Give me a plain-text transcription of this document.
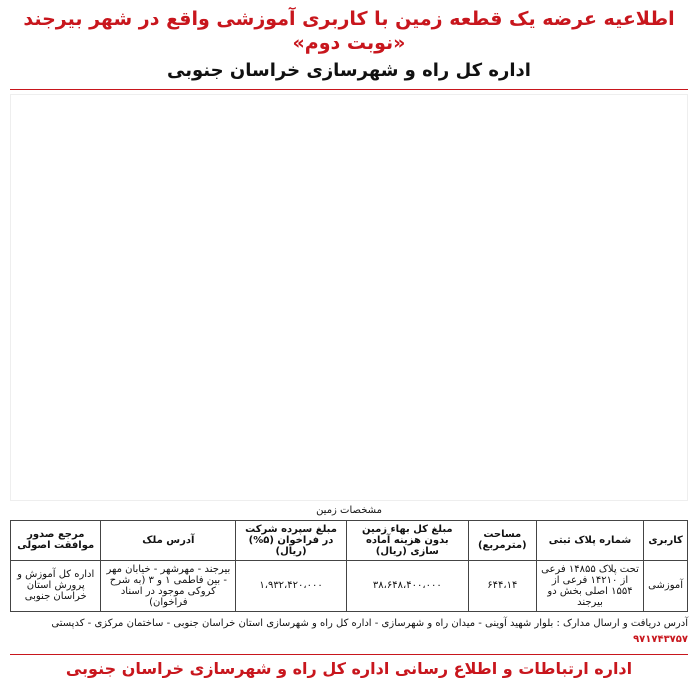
اطلاعیه عرضه یک قطعه زمین با کاربری آموزشی واقع در شهر بیرجند «نوبت دوم»
اداره کل راه و شهرسازی خراسان جنوبی
مشخصات زمین
کاربری	شماره پلاک ثبتی	مساحت (مترمربع)	مبلغ کل بهاء زمین بدون هزینه آماده سازی (ریال)	مبلغ سپرده شرکت در فراخوان (۵%) (ریال)	آدرس ملک	مرجع صدور موافقت اصولی
آموزشی	تحت پلاک ۱۴۸۵۵ فرعی از ۱۴۲۱۰ فرعی از ۱۵۵۴ اصلی بخش دو بیرجند	۶۴۴،۱۴	۳۸،۶۴۸،۴۰۰،۰۰۰	۱،۹۳۲،۴۲۰،۰۰۰	بیرجند - مهرشهر - خیابان مهر - بین فاطمی ۱ و ۳ (به شرح کروکی موجود در اسناد فراخوان)	اداره کل آموزش و پرورش استان خراسان جنوبی
آدرس دریافت و ارسال مدارک : بلوار شهید آوینی - میدان راه و شهرسازی - اداره کل راه و شهرسازی استان خراسان جنوبی - ساختمان مرکزی - کدپستی ۹۷۱۷۴۳۷۵۷
اداره ارتباطات و اطلاع رسانی اداره کل راه و شهرسازی خراسان جنوبی
